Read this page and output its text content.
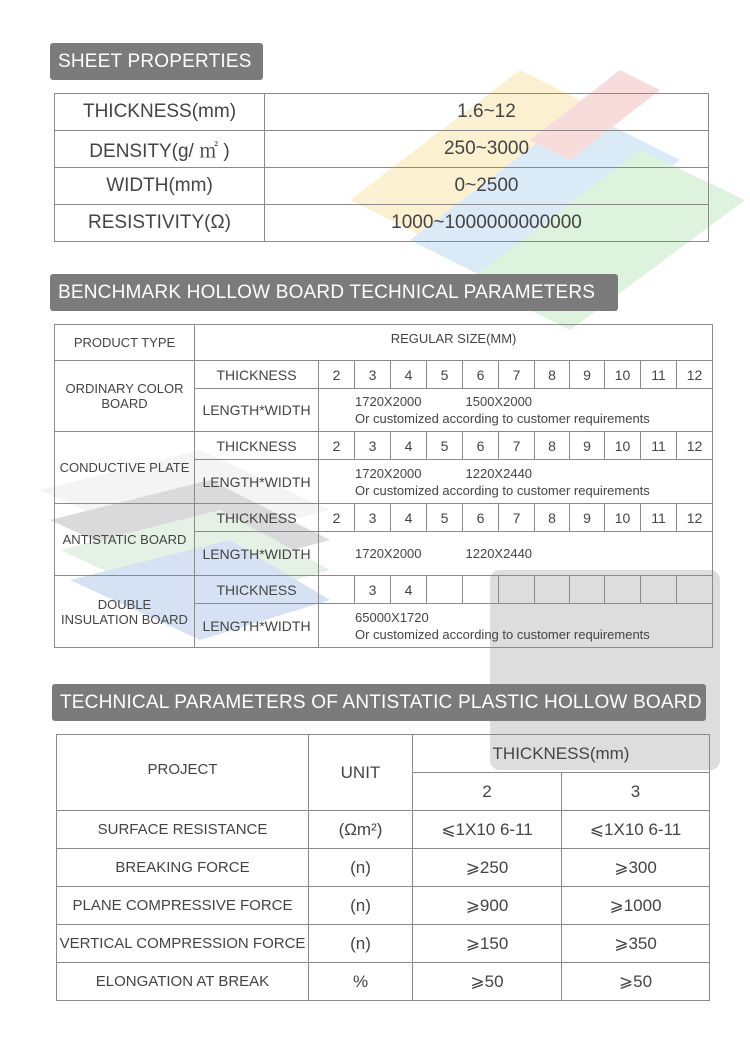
SHEET PROPERTIES
THICKNESS(mm)	1.6~12
DENSITY(g/ ㎡ )	250~3000
WIDTH(mm)	0~2500
RESISTIVITY(Ω)	1000~1000000000000
BENCHMARK HOLLOW BOARD TECHNICAL PARAMETERS
PRODUCT TYPE	REGULAR SIZE(MM)											
ORDINARY COLOR BOARD	THICKNESS	2	3	4	5	6	7	8	9	10	11	12
	LENGTH*WIDTH	1720X2000 1500X2000
Or customized according to customer requirements										

CONDUCTIVE PLATE	THICKNESS	2	3	4	5	6	7	8	9	10	11	12
	LENGTH*WIDTH	1720X2000 1220X2440
Or customized according to customer requirements										

ANTISTATIC BOARD	THICKNESS	2	3	4	5	6	7	8	9	10	11	12
	LENGTH*WIDTH	1720X2000 1220X2440										

DOUBLE INSULATION BOARD	THICKNESS		3	4								
	LENGTH*WIDTH	65000X1720
Or customized according to customer requirements										
TECHNICAL PARAMETERS OF ANTISTATIC PLASTIC HOLLOW BOARD
PROJECT	UNIT	THICKNESS(mm)	
		2	3
SURFACE RESISTANCE	(Ωm²)	⩽1X10 6-11	⩽1X10 6-11
BREAKING FORCE	(n)	⩾250	⩾300
PLANE COMPRESSIVE FORCE	(n)	⩾900	⩾1000
VERTICAL COMPRESSION FORCE	(n)	⩾150	⩾350
ELONGATION AT BREAK	%	⩾50	⩾50
